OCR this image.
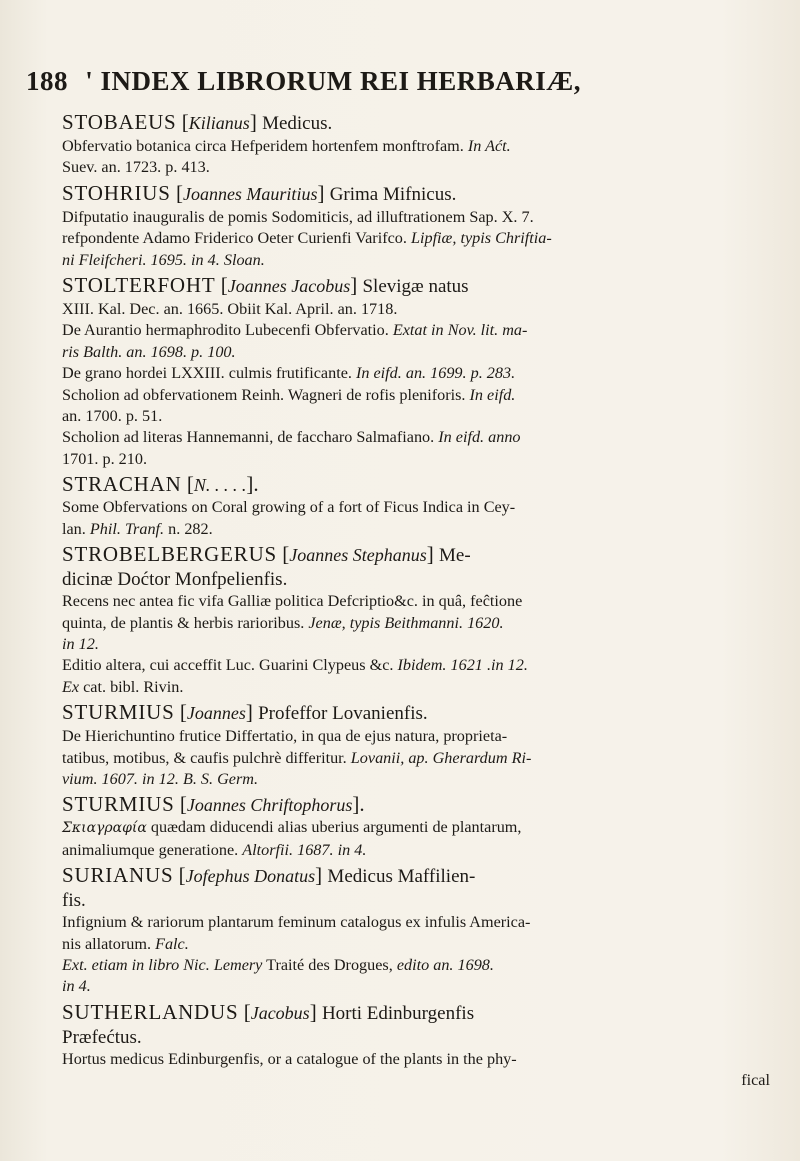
188 ' INDEX LIBRORUM REI HERBARIÆ,
STOBAEUS [Kilianus] Medicus.

Obfervatio botanica circa Hefperidem hortenfem monftrofam. In Aćt.

Suev. an. 1723. p. 413.

STOHRIUS [Joannes Mauritius] Grima Mifnicus.

Difputatio inauguralis de pomis Sodomiticis, ad illuftrationem Sap. X. 7.

refpondente Adamo Friderico Oeter Curienfi Varifco. Lipfiæ, typis Chriftia-

ni Fleifcheri. 1695. in 4. Sloan.

STOLTERFOHT [Joannes Jacobus] Slevigæ natus

XIII. Kal. Dec. an. 1665. Obiit Kal. April. an. 1718.

De Aurantio hermaphrodito Lubecenfi Obfervatio. Extat in Nov. lit. ma-

ris Balth. an. 1698. p. 100.

De grano hordei LXXIII. culmis frutificante. In eifd. an. 1699. p. 283.

Scholion ad obfervationem Reinh. Wagneri de rofis pleniforis. In eifd.

an. 1700. p. 51.

Scholion ad literas Hannemanni, de faccharo Salmafiano. In eifd. anno

1701. p. 210.

STRACHAN [N. . . . .].

Some Obfervations on Coral growing of a fort of Ficus Indica in Cey-

lan. Phil. Tranf. n. 282.

STROBELBERGERUS [Joannes Stephanus] Me-

dicinæ Doćtor Monfpelienfis.

Recens nec antea fic vifa Galliæ politica Defcriptio&c. in quâ, feĉtione

quinta, de plantis & herbis rarioribus. Jenæ, typis Beithmanni. 1620.

in 12.

Editio altera, cui acceffit Luc. Guarini Clypeus &c. Ibidem. 1621 .in 12.

Ex cat. bibl. Rivin.

STURMIUS [Joannes] Profeffor Lovanienfis.

De Hierichuntino frutice Differtatio, in qua de ejus natura, proprieta-

tatibus, motibus, & caufis pulchrè differitur. Lovanii, ap. Gherardum Ri-

vium. 1607. in 12. B. S. Germ.

STURMIUS [Joannes Chriftophorus].

Σκιαγραφία quædam diducendi alias uberius argumenti de plantarum,

animaliumque generatione. Altorfii. 1687. in 4.

SURIANUS [Jofephus Donatus] Medicus Maffilien-

fis.

Infignium & rariorum plantarum feminum catalogus ex infulis America-

nis allatorum. Falc.

Ext. etiam in libro Nic. Lemery Traité des Drogues, edito an. 1698.

in 4.

SUTHERLANDUS [Jacobus] Horti Edinburgenfis

Præfećtus.

Hortus medicus Edinburgenfis, or a catalogue of the plants in the phy-

fical
